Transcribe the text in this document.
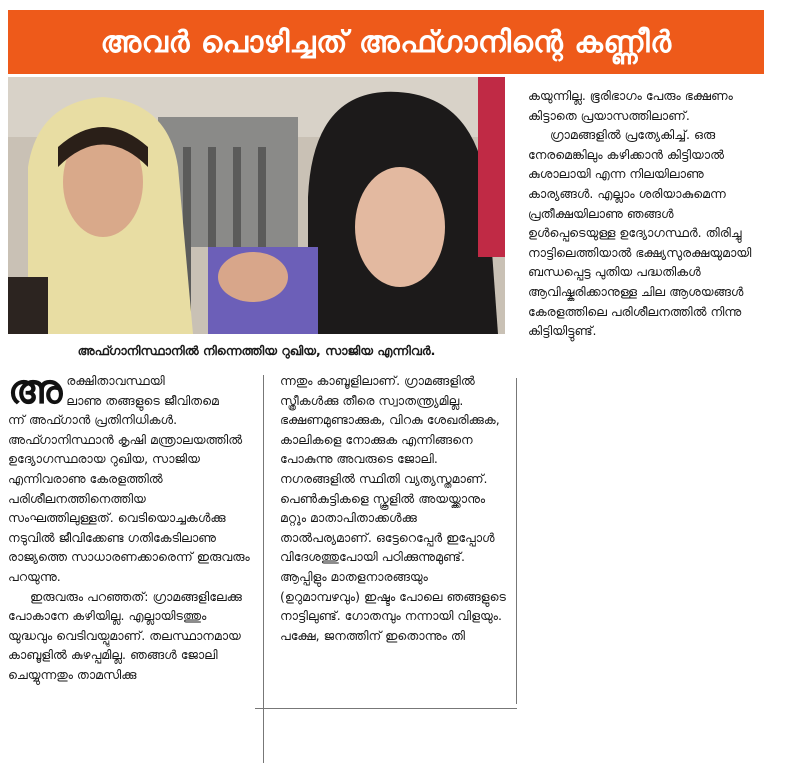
അവർ പൊഴിച്ചത് അഫ്ഗാനിന്റെ കണ്ണീർ
അഫ്ഗാനിസ്ഥാനിൽ നിന്നെത്തിയ റുഖിയ, സാജിയ എന്നിവർ.

കയുന്നില്ല. ഭൂരിഭാഗം പേരും ഭക്ഷണം കിട്ടാതെ പ്രയാസത്തിലാണ്.

ഗ്രാമങ്ങളിൽ പ്രത്യേകിച്ച്. ഒരു നേരമെങ്കിലും കഴിക്കാൻ കിട്ടിയാൽ കുശാലായി എന്ന നിലയിലാണു കാര്യങ്ങൾ. എല്ലാം ശരിയാകുമെന്ന പ്രതീക്ഷയിലാണു ഞങ്ങൾ ഉൾപ്പെടെയുള്ള ഉദ്യോഗസ്ഥർ. തിരിച്ചു നാട്ടിലെത്തിയാൽ ഭക്ഷ്യസുരക്ഷയുമായി ബന്ധപ്പെട്ട പുതിയ പദ്ധതികൾ ആവിഷ്കരിക്കാനുള്ള ചില ആശയങ്ങൾ കേരളത്തിലെ പരിശീലനത്തിൽ നിന്നു കിട്ടിയിട്ടുണ്ട്.

അരക്ഷിതാവസ്ഥയി
ലാണു തങ്ങളുടെ ജീവിതമെ
ന്ന് അഫ്ഗാൻ പ്രതിനിധികൾ.

അഫ്ഗാനിസ്ഥാൻ കൃഷി മന്ത്രാലയത്തിൽ ഉദ്യോഗസ്ഥരായ റുഖിയ, സാജിയ എന്നിവരാണു കേരളത്തിൽ പരിശീലനത്തിനെത്തിയ സംഘത്തിലുള്ളത്. വെടിയൊച്ചകൾക്കു നടുവിൽ ജീവിക്കേണ്ട ഗതികേടിലാണു രാജ്യത്തെ സാധാരണക്കാരെന്ന് ഇരുവരും പറയുന്നു.

ഇരുവരും പറഞ്ഞത്: ഗ്രാമങ്ങളിലേക്കു പോകാനേ കഴിയില്ല. എല്ലായിടത്തും യുദ്ധവും വെടിവയ്പുമാണ്. തലസ്ഥാനമായ കാബൂളിൽ കുഴപ്പമില്ല. ഞങ്ങൾ ജോലി ചെയ്യുന്നതും താമസിക്കു

ന്നതും കാബൂളിലാണ്. ഗ്രാമങ്ങളിൽ സ്ത്രീകൾക്കു തീരെ സ്വാതന്ത്ര്യമില്ല. ഭക്ഷണമുണ്ടാക്കുക, വിറകു ശേഖരിക്കുക, കാലികളെ നോക്കുക എന്നിങ്ങനെ പോകുന്നു അവരുടെ ജോലി. നഗരങ്ങളിൽ സ്ഥിതി വ്യത്യസ്തമാണ്. പെൺകുട്ടികളെ സ്കൂളിൽ അയയ്ക്കാനും മറ്റും മാതാപിതാക്കൾക്കു താൽപര്യമാണ്. ഒട്ടേറെപ്പേർ ഇപ്പോൾ വിദേശത്തുപോയി പഠിക്കുന്നുമുണ്ട്. ആപ്പിളും മാതളനാരങ്ങയും (ഉറുമാമ്പഴവും) ഇഷ്ടം പോലെ ഞങ്ങളുടെ നാട്ടിലുണ്ട്. ഗോതമ്പും നന്നായി വിളയും. പക്ഷേ, ജനത്തിന് ഇതൊന്നും തി
